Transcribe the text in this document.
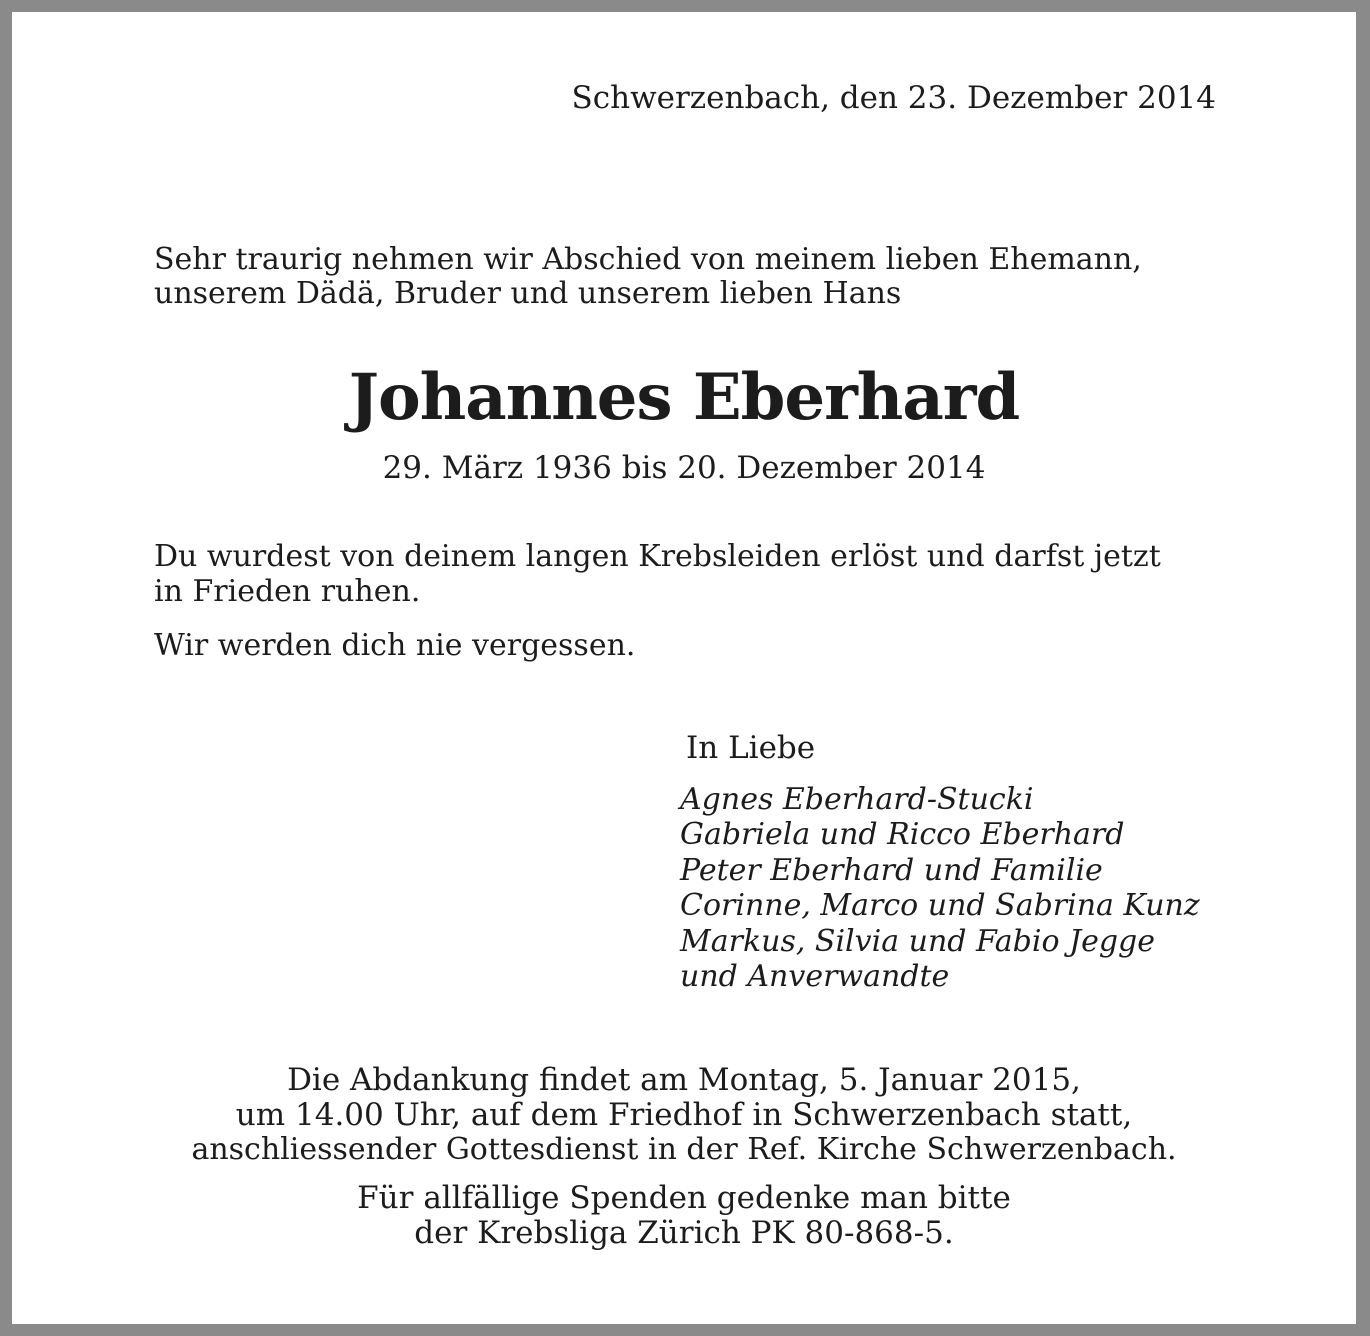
Schwerzenbach, den 23. Dezember 2014
Sehr traurig nehmen wir Abschied von meinem lieben Ehemann,
unserem Dädä, Bruder und unserem lieben Hans
Johannes Eberhard
29. März 1936 bis 20. Dezember 2014
Du wurdest von deinem langen Krebsleiden erlöst und darfst jetzt
in Frieden ruhen.
Wir werden dich nie vergessen.
In Liebe
Agnes Eberhard-Stucki
Gabriela und Ricco Eberhard
Peter Eberhard und Familie
Corinne, Marco und Sabrina Kunz
Markus, Silvia und Fabio Jegge
und Anverwandte
Die Abdankung findet am Montag, 5. Januar 2015,
um 14.00 Uhr, auf dem Friedhof in Schwerzenbach statt,
anschliessender Gottesdienst in der Ref. Kirche Schwerzenbach.
Für allfällige Spenden gedenke man bitte
der Krebsliga Zürich PK 80-868-5.
